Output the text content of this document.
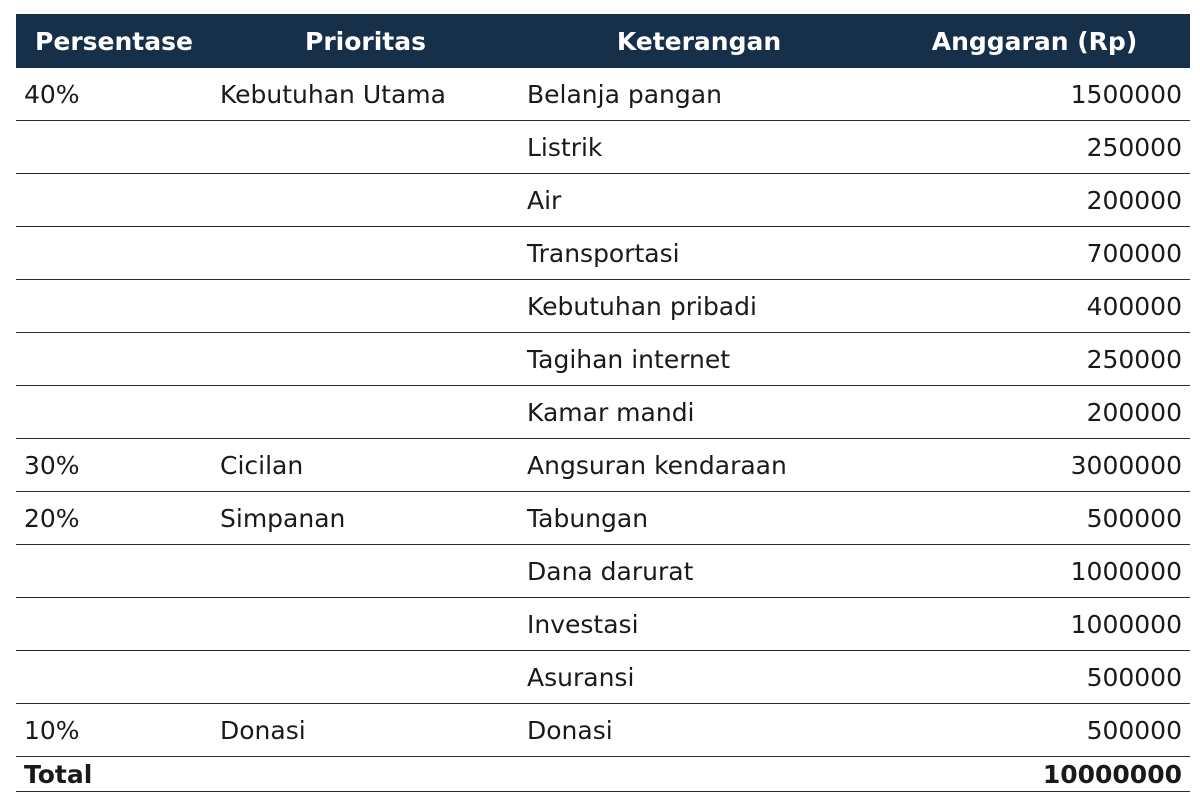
Persentase	Prioritas	Keterangan	Anggaran (Rp)
40%	Kebutuhan Utama	Belanja pangan	1500000
		Listrik	250000
		Air	200000
		Transportasi	700000
		Kebutuhan pribadi	400000
		Tagihan internet	250000
		Kamar mandi	200000
30%	Cicilan	Angsuran kendaraan	3000000
20%	Simpanan	Tabungan	500000
		Dana darurat	1000000
		Investasi	1000000
		Asuransi	500000
10%	Donasi	Donasi	500000
Total			10000000
